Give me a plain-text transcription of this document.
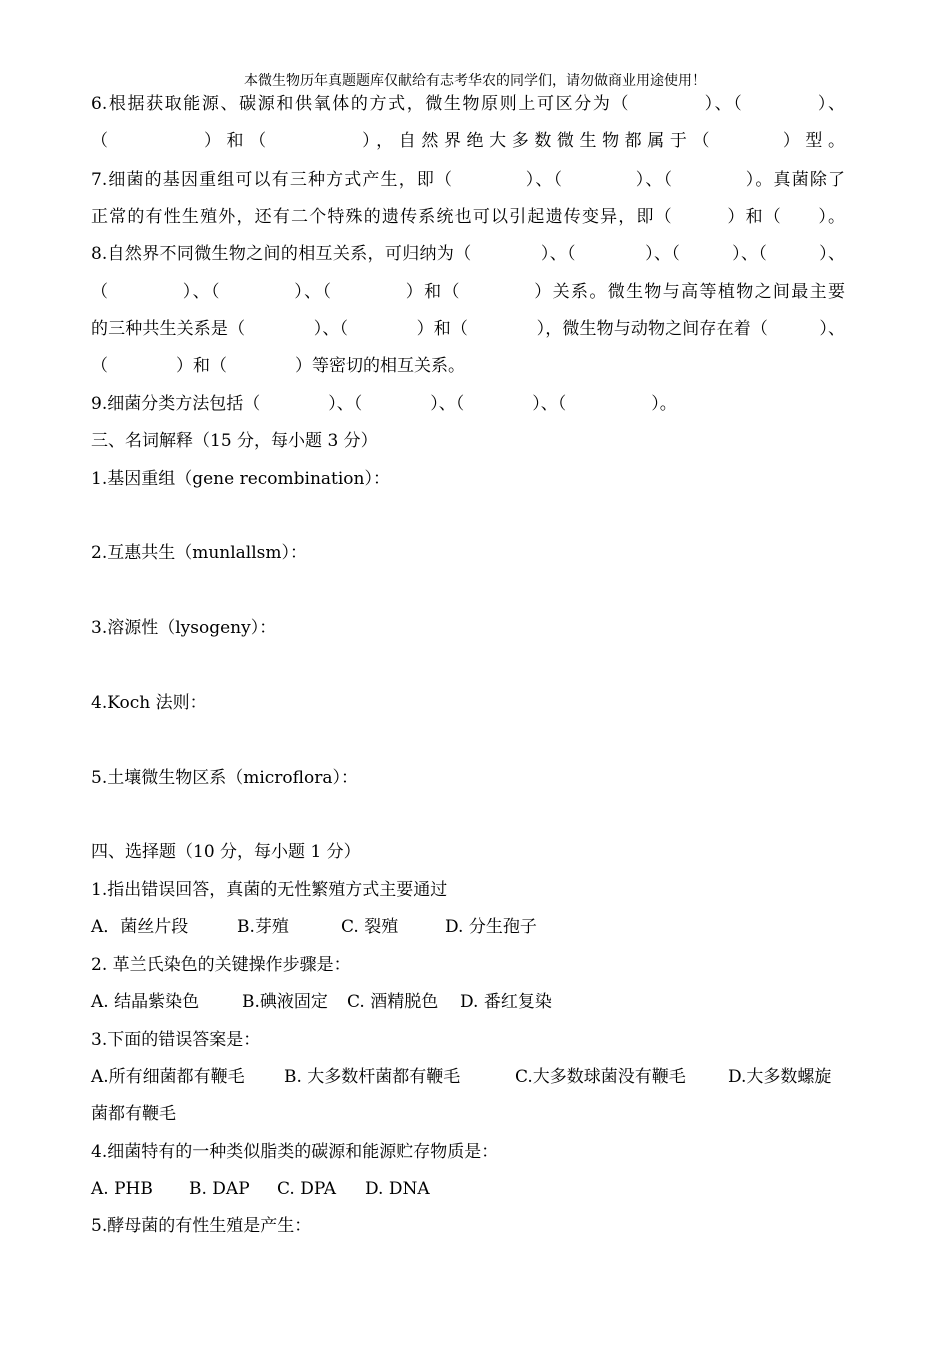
本微生物历年真题题库仅献给有志考华农的同学们，请勿做商业用途使用！
6.根据获取能源、碳源和供氧体的方式，微生物原则上可区分为（　　　　）、（　　　　）、
（　　　　）和（　　　　），自然界绝大多数微生物都属于（　　　）型。
7.细菌的基因重组可以有三种方式产生，即（　　　　）、（　　　　）、（　　　　）。真菌除了
正常的有性生殖外，还有二个特殊的遗传系统也可以引起遗传变异，即（　　　）和（　　）。
8.自然界不同微生物之间的相互关系，可归纳为（　　　　）、（　　　　）、（　　　）、（　　　）、
（　　　　）、（　　　　）、（　　　　）和（　　　　）关系。微生物与高等植物之间最主要
的三种共生关系是（　　　　）、（　　　　）和（　　　　），微生物与动物之间存在着（　　　）、
（　　　　）和（　　　　）等密切的相互关系。
9.细菌分类方法包括（　　　　）、（　　　　）、（　　　　）、（　　　　　）。
三、名词解释（15 分，每小题 3 分）
1.基因重组（gene recombination）：
2.互惠共生（munlallsm）：
3.溶源性（lysogeny）：
4.Koch 法则：
5.土壤微生物区系（microflora）：
四、选择题（10 分，每小题 1 分）
1.指出错误回答，真菌的无性繁殖方式主要通过
A．菌丝片段	B.芽殖	C. 裂殖	D. 分生孢子
2. 革兰氏染色的关键操作步骤是：
A. 结晶紫染色	B.碘液固定 C. 酒精脱色 D. 番红复染
3.下面的错误答案是：
A.所有细菌都有鞭毛 B. 大多数杆菌都有鞭毛	C.大多数球菌没有鞭毛 D.大多数螺旋
菌都有鞭毛
4.细菌特有的一种类似脂类的碳源和能源贮存物质是：
A. PHB B. DAP C. DPA D. DNA
5.酵母菌的有性生殖是产生：
